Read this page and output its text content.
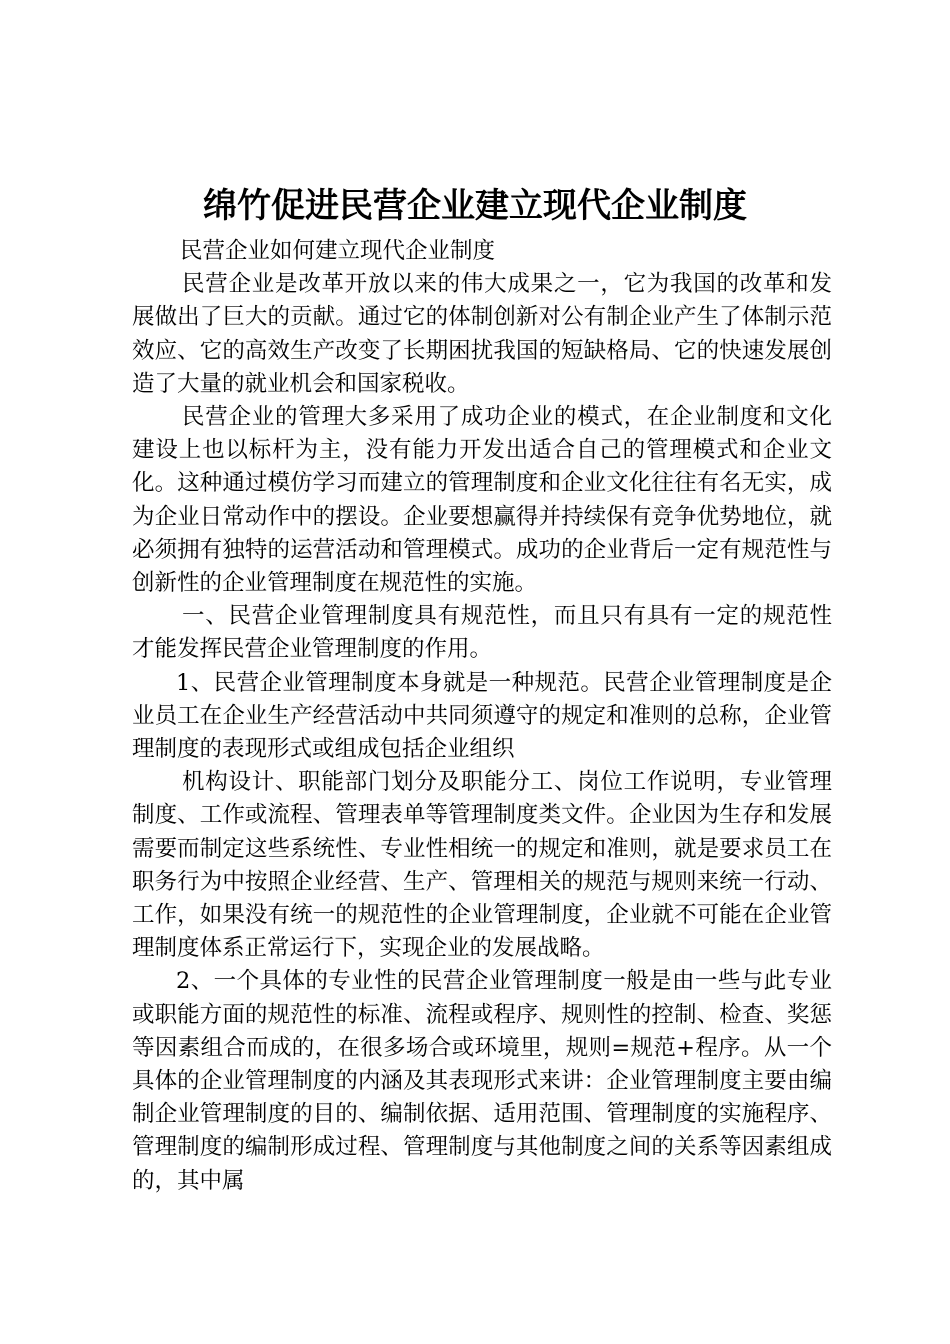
绵竹促进民营企业建立现代企业制度

民营企业如何建立现代企业制度

民营企业是改革开放以来的伟大成果之一，它为我国的改革和发展做出了巨大的贡献。通过它的体制创新对公有制企业产生了体制示范效应、它的高效生产改变了长期困扰我国的短缺格局、它的快速发展创造了大量的就业机会和国家税收。

民营企业的管理大多采用了成功企业的模式，在企业制度和文化建设上也以标杆为主，没有能力开发出适合自己的管理模式和企业文化。这种通过模仿学习而建立的管理制度和企业文化往往有名无实，成为企业日常动作中的摆设。企业要想赢得并持续保有竞争优势地位，就必须拥有独特的运营活动和管理模式。成功的企业背后一定有规范性与创新性的企业管理制度在规范性的实施。

一、民营企业管理制度具有规范性，而且只有具有一定的规范性才能发挥民营企业管理制度的作用。

1、民营企业管理制度本身就是一种规范。民营企业管理制度是企业员工在企业生产经营活动中共同须遵守的规定和准则的总称，企业管理制度的表现形式或组成包括企业组织

机构设计、职能部门划分及职能分工、岗位工作说明，专业管理制度、工作或流程、管理表单等管理制度类文件。企业因为生存和发展需要而制定这些系统性、专业性相统一的规定和准则，就是要求员工在职务行为中按照企业经营、生产、管理相关的规范与规则来统一行动、工作，如果没有统一的规范性的企业管理制度，企业就不可能在企业管理制度体系正常运行下，实现企业的发展战略。

2、一个具体的专业性的民营企业管理制度一般是由一些与此专业或职能方面的规范性的标准、流程或程序、规则性的控制、检查、奖惩等因素组合而成的，在很多场合或环境里，规则=规范+程序。从一个具体的企业管理制度的内涵及其表现形式来讲：企业管理制度主要由编制企业管理制度的目的、编制依据、适用范围、管理制度的实施程序、管理制度的编制形成过程、管理制度与其他制度之间的关系等因素组成的，其中属
